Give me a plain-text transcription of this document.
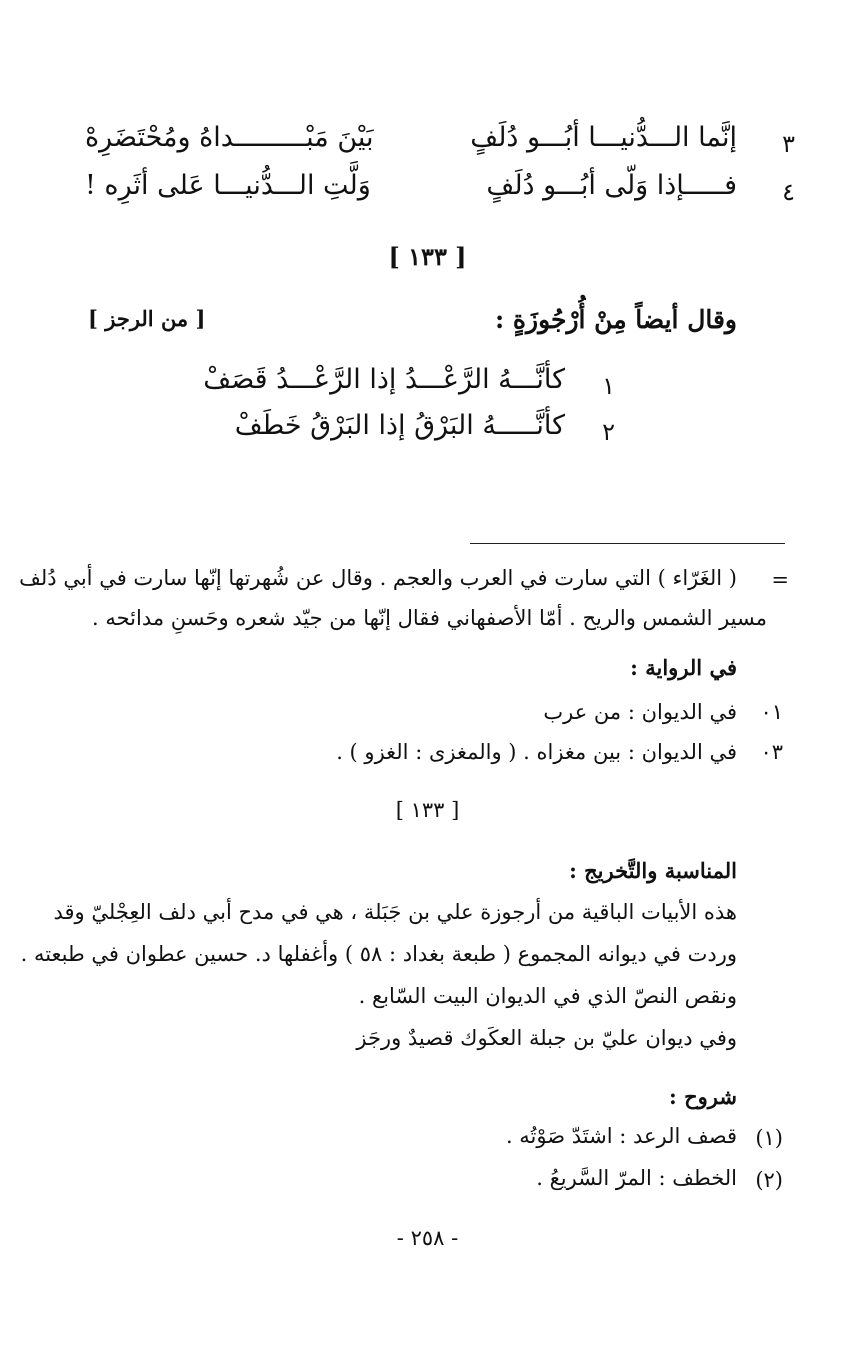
٣
إنَّما الـــدُّنيـــا أبُـــو دُلَفٍ
بَيْنَ مَبْـــــــــداهُ ومُحْتَضَرِهْ
٤
فـــــإذا وَلّى أبُـــو دُلَفٍ
وَلَّتِ الـــدُّنيـــا عَلى أثَرِه !
[ ١٣٣ ]
وقال أيضاً مِنْ أُرْجُوزَةٍ :
[ من الرجز ]
١
كأنَّـــهُ الرَّعْـــدُ إذا الرَّعْـــدُ قَصَفْ
٢
كأنَّـــــهُ البَرْقُ إذا البَرْقُ خَطَفْ
=
( الغَرّاء ) التي سارت في العرب والعجم . وقال عن شُهرتها إنّها سارت في أبي دُلف
مسير الشمس والريح . أمّا الأصفهاني فقال إنّها من جيّد شعره وحَسنِ مدائحه .
في الرواية :
٠١
في الديوان : من عرب
٠٣
في الديوان : بين مغزاه . ( والمغزى : الغزو ) .
[ ١٣٣ ]
المناسبة والتَّخريج :
هذه الأبيات الباقية من أرجوزة علي بن جَبَلة ، هي في مدح أبي دلف العِجْليّ وقد
وردت في ديوانه المجموع ( طبعة بغداد : ٥٨ ) وأغفلها د. حسين عطوان في طبعته .
ونقص النصّ الذي في الديوان البيت السّابع .
وفي ديوان عليّ بن جبلة العكَوك قصيدٌ ورجَز
شروح :
(١)
قصف الرعد : اشتَدّ صَوْتُه .
(٢)
الخطف : المرّ السَّريعُ .
- ٢٥٨ -
